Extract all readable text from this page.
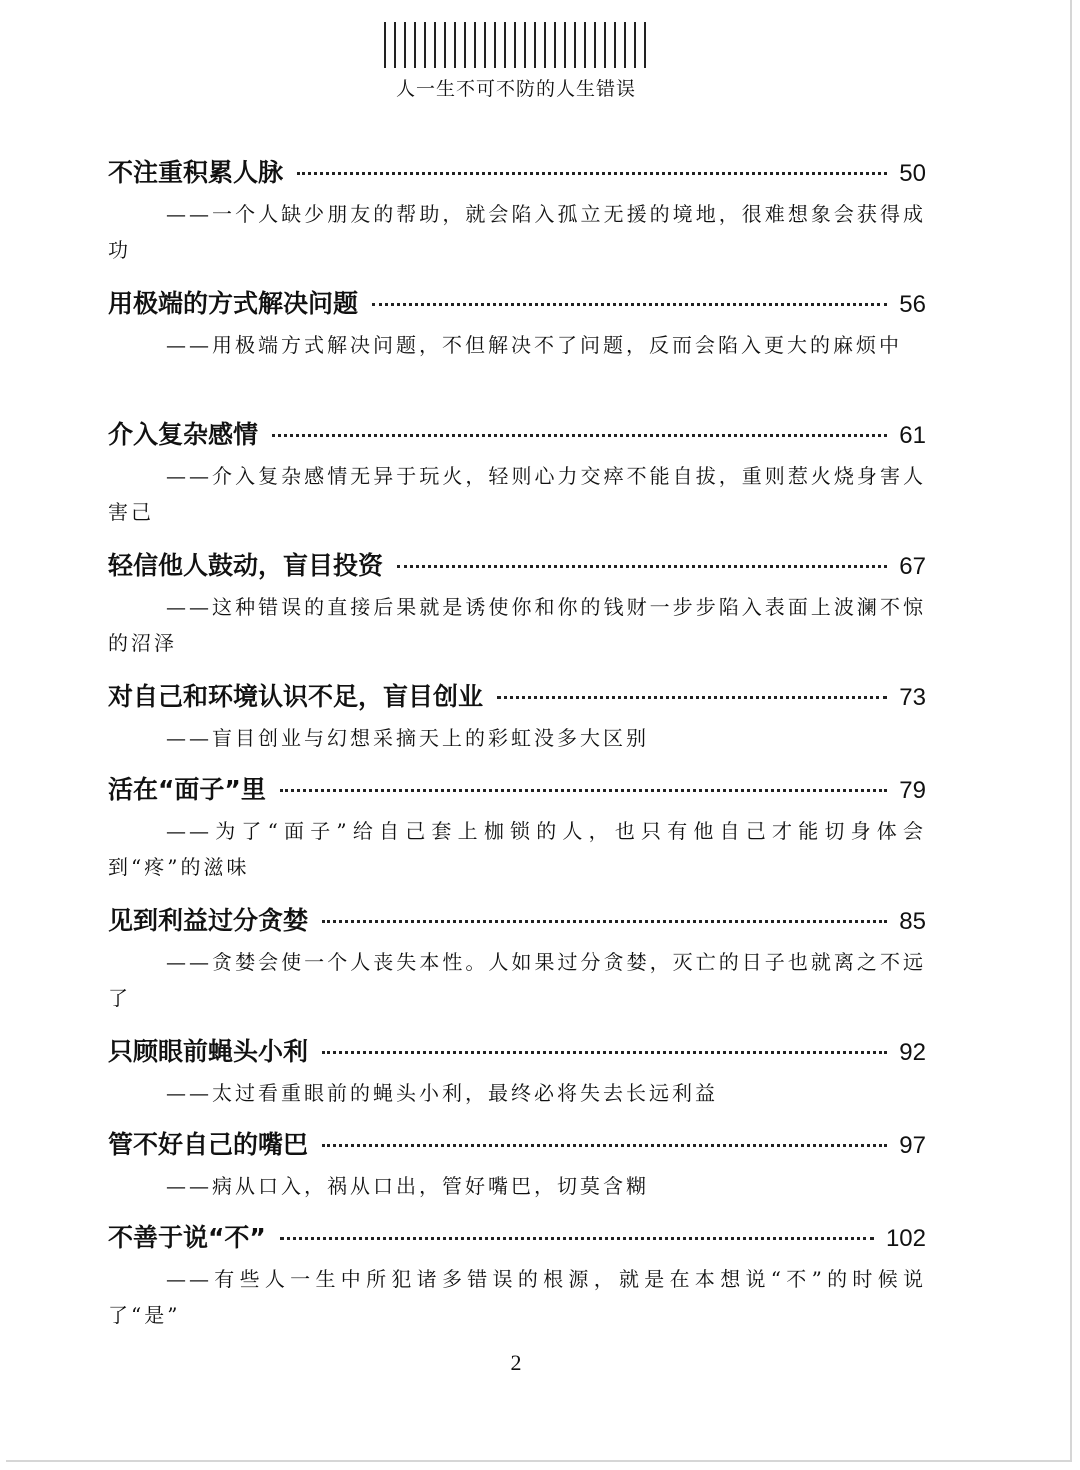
人一生不可不防的人生错误
不注重积累人脉	50
——一个人缺少朋友的帮助，就会陷入孤立无援的境地，很难想象会获得成功
用极端的方式解决问题	56
——用极端方式解决问题，不但解决不了问题，反而会陷入更大的麻烦中
介入复杂感情	61
——介入复杂感情无异于玩火，轻则心力交瘁不能自拔，重则惹火烧身害人害己
轻信他人鼓动，盲目投资	67
——这种错误的直接后果就是诱使你和你的钱财一步步陷入表面上波澜不惊的沼泽
对自己和环境认识不足，盲目创业	73
——盲目创业与幻想采摘天上的彩虹没多大区别
活在“面子”里	79
——为了“面子”给自己套上枷锁的人，也只有他自己才能切身体会到“疼”的滋味
见到利益过分贪婪	85
——贪婪会使一个人丧失本性。人如果过分贪婪，灭亡的日子也就离之不远了
只顾眼前蝇头小利	92
——太过看重眼前的蝇头小利，最终必将失去长远利益
管不好自己的嘴巴	97
——病从口入，祸从口出，管好嘴巴，切莫含糊
不善于说“不”	102
——有些人一生中所犯诸多错误的根源，就是在本想说“不”的时候说了“是”
2
